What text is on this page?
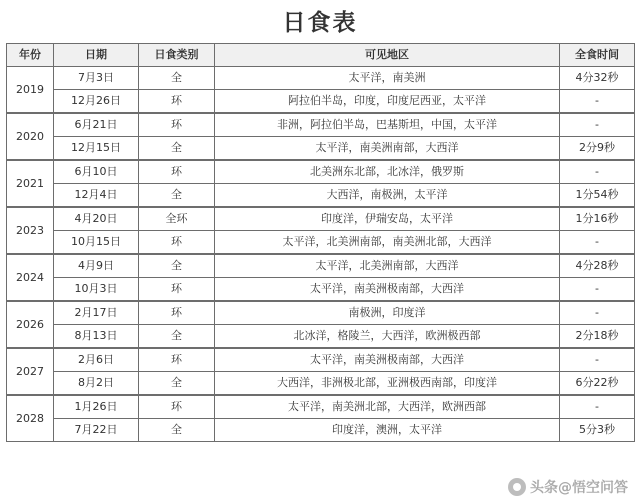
日食表
年份	日期	日食类别	可见地区	全食时间
2019	7月3日	全	太平洋，南美洲	4分32秒
	12月26日	环	阿拉伯半岛，印度，印度尼西亚，太平洋	-
2020	6月21日	环	非洲，阿拉伯半岛，巴基斯坦，中国，太平洋	-
	12月15日	全	太平洋，南美洲南部，大西洋	2分9秒
2021	6月10日	环	北美洲东北部，北冰洋，俄罗斯	-
	12月4日	全	大西洋，南极洲，太平洋	1分54秒
2023	4月20日	全环	印度洋，伊瑞安岛，太平洋	1分16秒
	10月15日	环	太平洋，北美洲南部，南美洲北部，大西洋	-
2024	4月9日	全	太平洋，北美洲南部，大西洋	4分28秒
	10月3日	环	太平洋，南美洲极南部，大西洋	-
2026	2月17日	环	南极洲，印度洋	-
	8月13日	全	北冰洋，格陵兰，大西洋，欧洲极西部	2分18秒
2027	2月6日	环	太平洋，南美洲极南部，大西洋	-
	8月2日	全	大西洋，非洲极北部，亚洲极西南部，印度洋	6分22秒
2028	1月26日	环	太平洋，南美洲北部，大西洋，欧洲西部	-
	7月22日	全	印度洋，澳洲，太平洋	5分3秒
头条@悟空问答
